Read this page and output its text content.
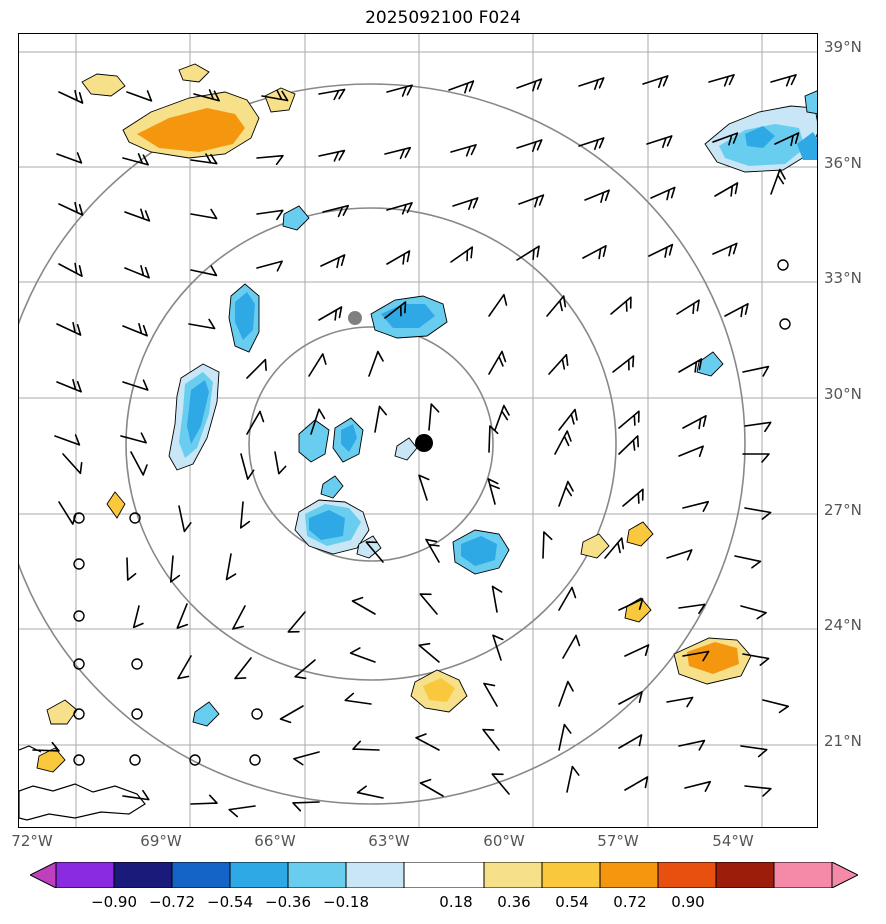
2025092100 F024
39°N
36°N
33°N
30°N
27°N
24°N
21°N
72°W	69°W	66°W	63°W	60°W	57°W	54°W
−0.90 −0.72 −0.54 −0.36 −0.18	0.18 0.36 0.54 0.72 0.90
